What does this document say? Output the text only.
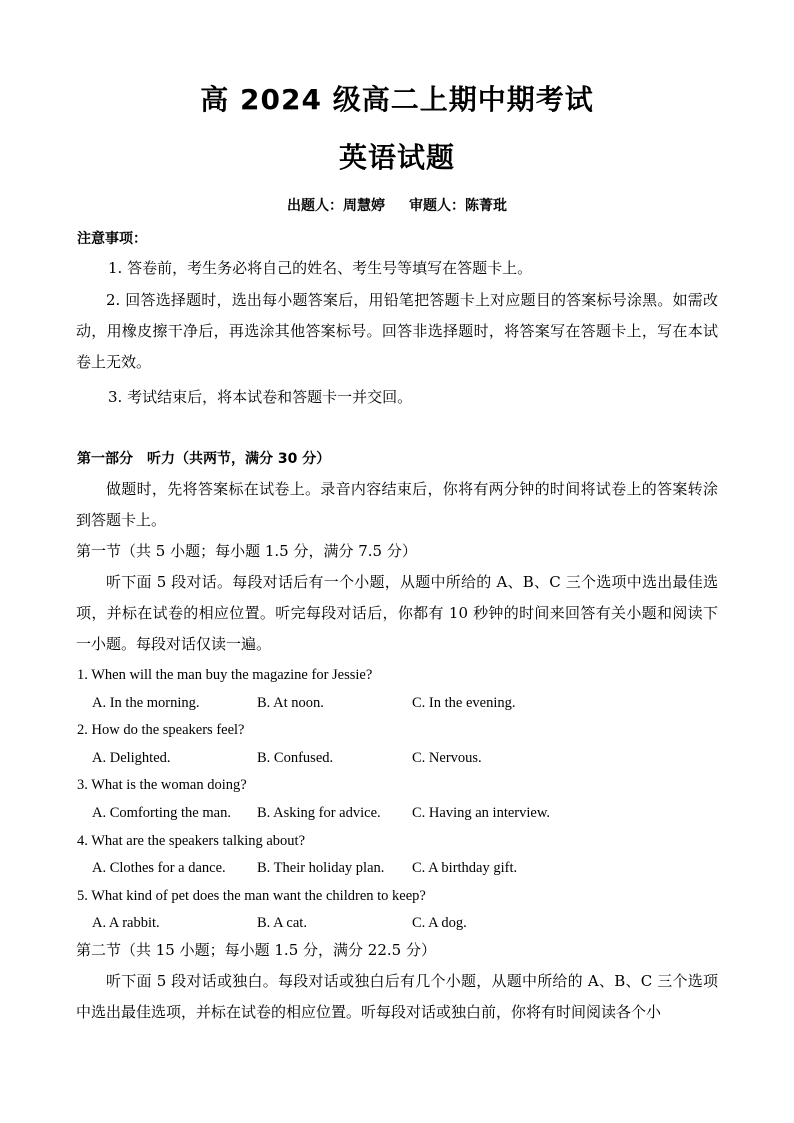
高 2024 级高二上期中期考试
英语试题
出题人：周慧婷 审题人：陈菁玭
注意事项：
1. 答卷前，考生务必将自己的姓名、考生号等填写在答题卡上。
2. 回答选择题时，选出每小题答案后，用铅笔把答题卡上对应题目的答案标号涂黑。如需改动，用橡皮擦干净后，再选涂其他答案标号。回答非选择题时，将答案写在答题卡上，写在本试卷上无效。
3. 考试结束后，将本试卷和答题卡一并交回。
第一部分　听力（共两节，满分 30 分）
做题时，先将答案标在试卷上。录音内容结束后，你将有两分钟的时间将试卷上的答案转涂到答题卡上。
第一节（共 5 小题；每小题 1.5 分，满分 7.5 分）
听下面 5 段对话。每段对话后有一个小题，从题中所给的 A、B、C 三个选项中选出最佳选项，并标在试卷的相应位置。听完每段对话后，你都有 10 秒钟的时间来回答有关小题和阅读下一小题。每段对话仅读一遍。
1. When will the man buy the magazine for Jessie?
A. In the morning.	B. At noon.	C. In the evening.
2. How do the speakers feel?
A. Delighted.	B. Confused.	C. Nervous.
3. What is the woman doing?
A. Comforting the man. B. Asking for advice. C. Having an interview.
4. What are the speakers talking about?
A. Clothes for a dance. B. Their holiday plan. C. A birthday gift.
5. What kind of pet does the man want the children to keep?
A. A rabbit.	B. A cat.	C. A dog.
第二节（共 15 小题；每小题 1.5 分，满分 22.5 分）
听下面 5 段对话或独白。每段对话或独白后有几个小题，从题中所给的 A、B、C 三个选项中选出最佳选项，并标在试卷的相应位置。听每段对话或独白前，你将有时间阅读各个小
